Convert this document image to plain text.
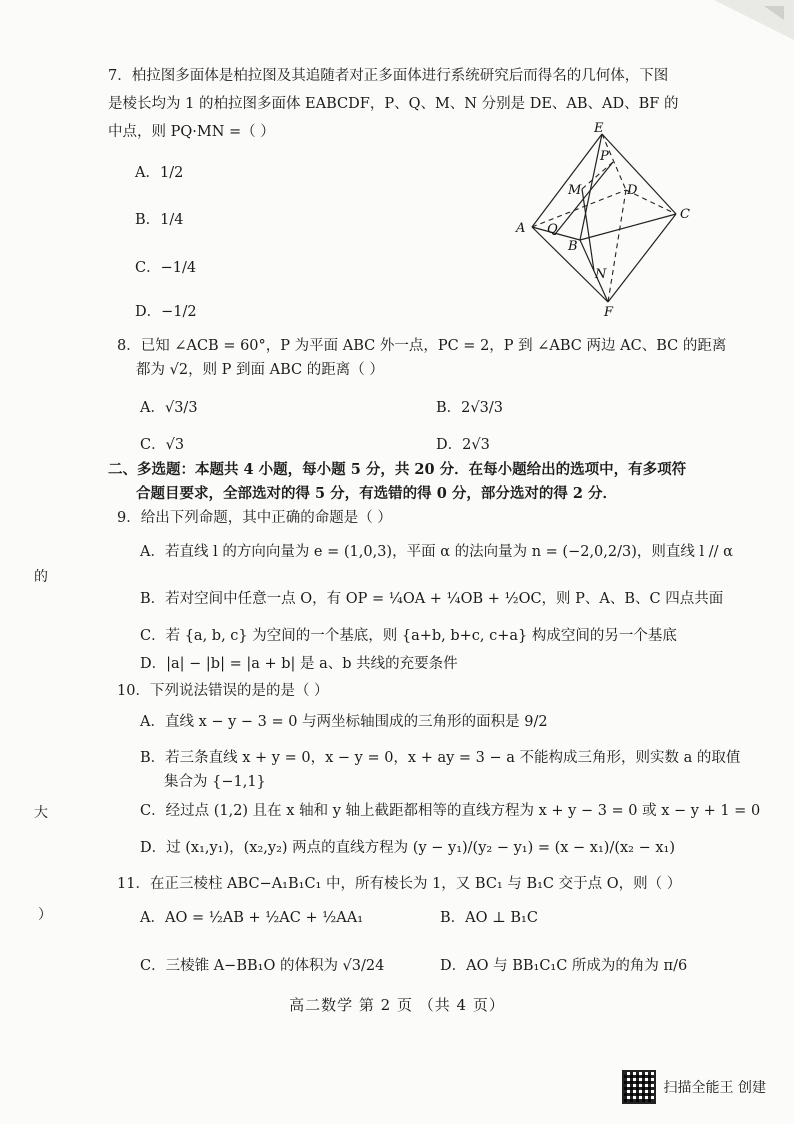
7．柏拉图多面体是柏拉图及其追随者对正多面体进行系统研究后而得名的几何体，下图
是棱长均为 1 的柏拉图多面体 EABCDF，P、Q、M、N 分别是 DE、AB、AD、BF 的
中点，则 PQ·MN =（ ）
A．1/2
B．1/4
C．−1/4
D．−1/2
E
P
M	D
C
A Q
B
N
F
8．已知 ∠ACB = 60°，P 为平面 ABC 外一点，PC = 2，P 到 ∠ABC 两边 AC、BC 的距离
都为 √2，则 P 到面 ABC 的距离（ ）
A．√3/3	B．2√3/3
C．√3	D．2√3
二、多选题：本题共 4 小题，每小题 5 分，共 20 分．在每小题给出的选项中，有多项符
合题目要求，全部选对的得 5 分，有选错的得 0 分，部分选对的得 2 分．
9．给出下列命题，其中正确的命题是（ ）
A．若直线 l 的方向向量为 e = (1,0,3)，平面 α 的法向量为 n = (−2,0,2/3)，则直线 l // α
B．若对空间中任意一点 O，有 OP = ¼OA + ¼OB + ½OC，则 P、A、B、C 四点共面
C．若 {a, b, c} 为空间的一个基底，则 {a+b, b+c, c+a} 构成空间的另一个基底
D．|a| − |b| = |a + b| 是 a、b 共线的充要条件
10．下列说法错误的是的是（ ）
A．直线 x − y − 3 = 0 与两坐标轴围成的三角形的面积是 9/2
B．若三条直线 x + y = 0，x − y = 0，x + ay = 3 − a 不能构成三角形，则实数 a 的取值
集合为 {−1,1}
C．经过点 (1,2) 且在 x 轴和 y 轴上截距都相等的直线方程为 x + y − 3 = 0 或 x − y + 1 = 0
D．过 (x₁,y₁)，(x₂,y₂) 两点的直线方程为 (y − y₁)/(y₂ − y₁) = (x − x₁)/(x₂ − x₁)
11．在正三棱柱 ABC−A₁B₁C₁ 中，所有棱长为 1，又 BC₁ 与 B₁C 交于点 O，则（ ）
A．AO = ½AB + ½AC + ½AA₁	B．AO ⊥ B₁C
C．三棱锥 A−BB₁O 的体积为 √3/24	D．AO 与 BB₁C₁C 所成为的角为 π/6
的
大
）
高二数学 第 2 页 （共 4 页）
扫描全能王 创建
